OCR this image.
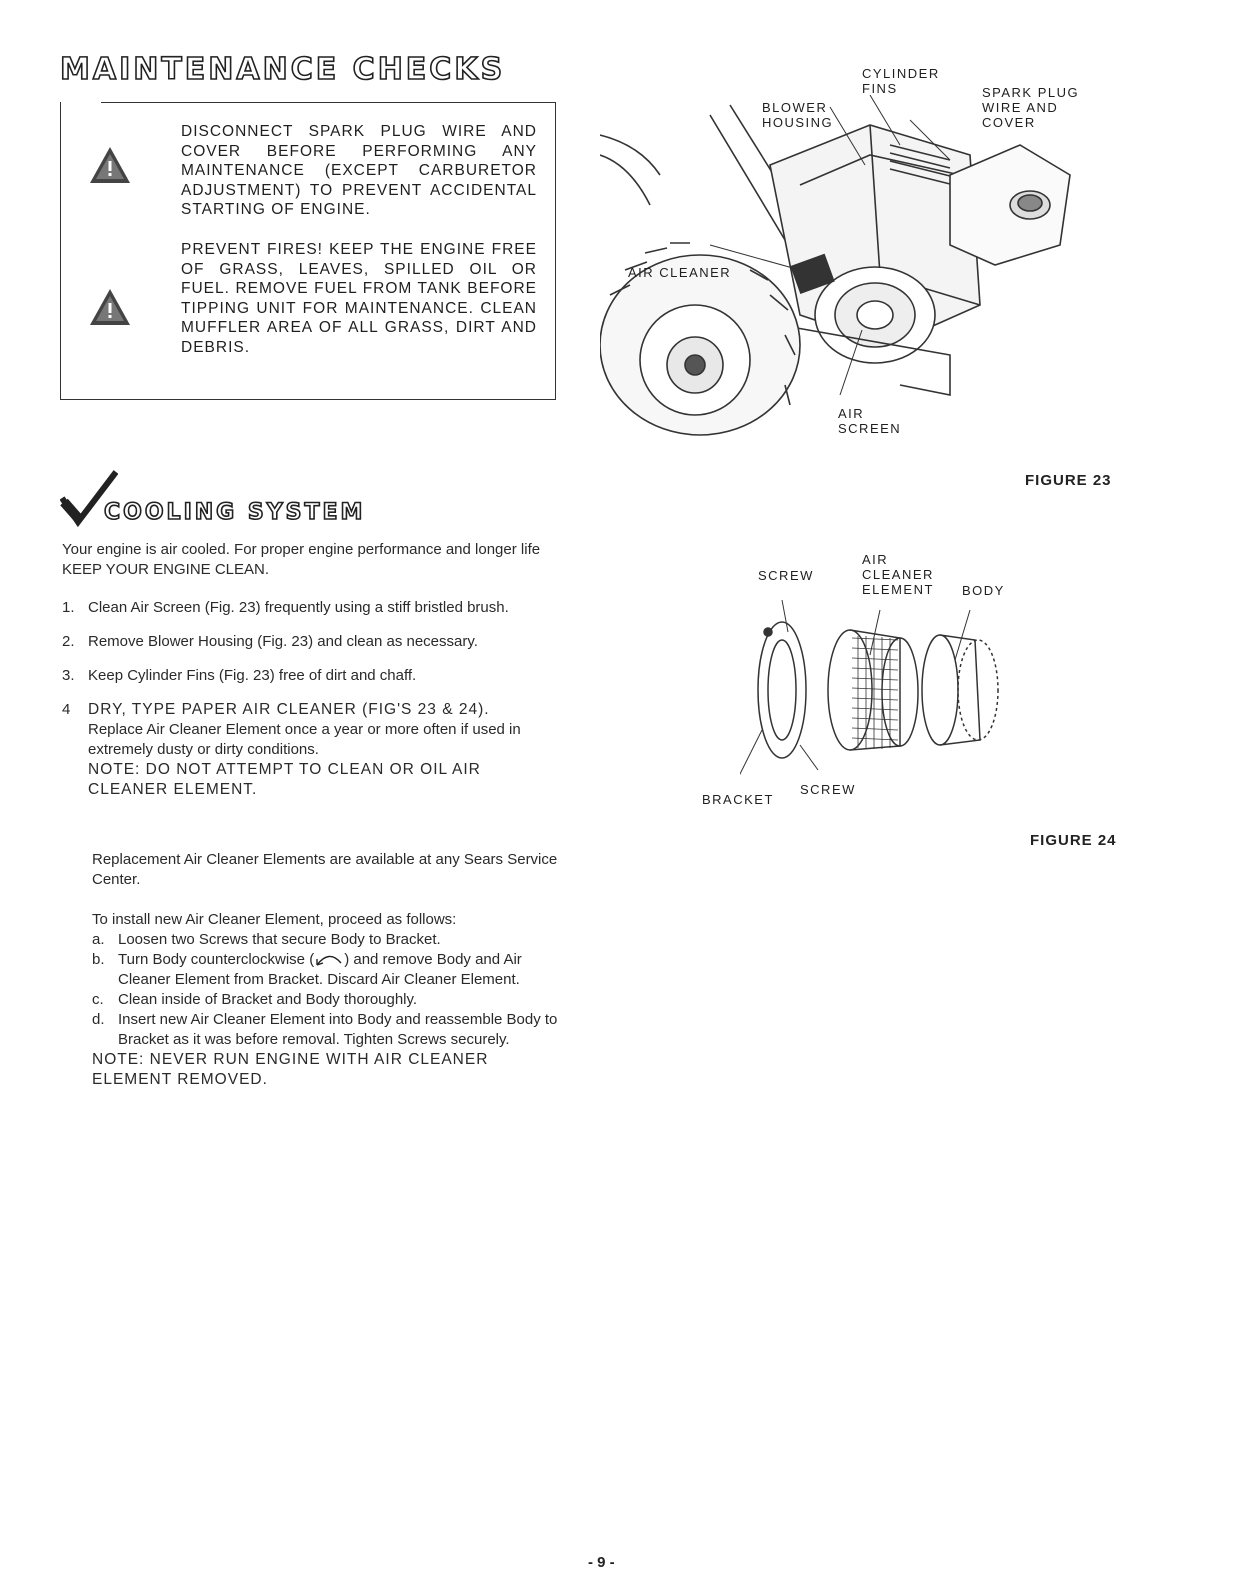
MAINTENANCE CHECKS
DISCONNECT SPARK PLUG WIRE AND COVER BEFORE PERFORMING ANY MAINTENANCE (EXCEPT CARBURETOR ADJUSTMENT) TO PREVENT ACCIDENTAL STARTING OF ENGINE.
PREVENT FIRES! KEEP THE ENGINE FREE OF GRASS, LEAVES, SPILLED OIL OR FUEL. REMOVE FUEL FROM TANK BEFORE TIPPING UNIT FOR MAINTENANCE. CLEAN MUFFLER AREA OF ALL GRASS, DIRT AND DEBRIS.
CYLINDER FINS
BLOWER HOUSING
SPARK PLUG WIRE AND COVER
AIR CLEANER
AIR SCREEN
FIGURE 23
COOLING SYSTEM
Your engine is air cooled. For proper engine performance and longer life KEEP YOUR ENGINE CLEAN.
1. Clean Air Screen (Fig. 23) frequently using a stiff bristled brush.
2. Remove Blower Housing (Fig. 23) and clean as necessary.
3. Keep Cylinder Fins (Fig. 23) free of dirt and chaff.
4 DRY, TYPE PAPER AIR CLEANER (FIG'S 23 & 24).
Replace Air Cleaner Element once a year or more often if used in extremely dusty or dirty conditions.
NOTE: DO NOT ATTEMPT TO CLEAN OR OIL AIR CLEANER ELEMENT.
Replacement Air Cleaner Elements are available at any Sears Service Center.
To install new Air Cleaner Element, proceed as follows:
a. Loosen two Screws that secure Body to Bracket.
b. Turn Body counterclockwise ( ) and remove Body and Air Cleaner Element from Bracket. Discard Air Cleaner Element.
c. Clean inside of Bracket and Body thoroughly.
d. Insert new Air Cleaner Element into Body and reassemble Body to Bracket as it was before removal. Tighten Screws securely.
NOTE: NEVER RUN ENGINE WITH AIR CLEANER ELEMENT REMOVED.
SCREW
AIR CLEANER ELEMENT	BODY
BRACKET
SCREW
FIGURE 24
- 9 -
